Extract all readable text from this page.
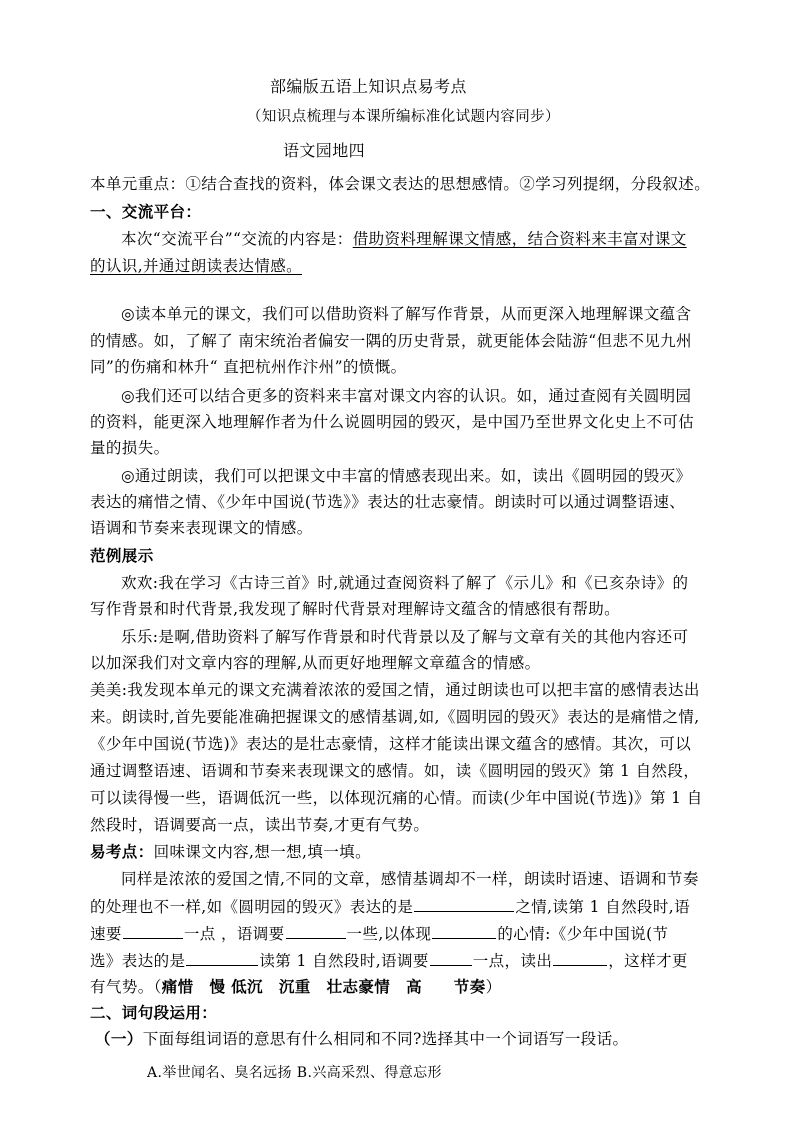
部编版五语上知识点易考点
（知识点梳理与本课所编标准化试题内容同步）
语文园地四
本单元重点：①结合查找的资料，体会课文表达的思想感情。②学习列提纲，分段叙述。
一、交流平台：
本次“交流平台”“交流的内容是：借助资料理解课文情感，结合资料来丰富对课文
的认识,并通过朗读表达情感。
◎读本单元的课文，我们可以借助资料了解写作背景，从而更深入地理解课文蕴含
的情感。如，了解了 南宋统治者偏安一隅的历史背景，就更能体会陆游“但悲不见九州
同”的伤痛和林升“ 直把杭州作汴州”的愤慨。
◎我们还可以结合更多的资料来丰富对课文内容的认识。如，通过查阅有关圆明园
的资料，能更深入地理解作者为什么说圆明园的毁灭，是中国乃至世界文化史上不可估
量的损失。
◎通过朗读，我们可以把课文中丰富的情感表现出来。如，读出《圆明园的毁灭》
表达的痛惜之情、《少年中国说(节选》》表达的壮志豪情。朗读时可以通过调整语速、
语调和节奏来表现课文的情感。
范例展示
欢欢:我在学习《古诗三首》时,就通过查阅资料了解了《示儿》和《已亥杂诗》的
写作背景和时代背景,我发现了解时代背景对理解诗文蕴含的情感很有帮助。
乐乐:是啊,借助资料了解写作背景和时代背景以及了解与文章有关的其他内容还可
以加深我们对文章内容的理解,从而更好地理解文章蕴含的情感。
美美:我发现本单元的课文充满着浓浓的爱国之情，通过朗读也可以把丰富的感情表达出
来。朗读时,首先要能准确把握课文的感情基调,如,《圆明园的毁灭》表达的是痛惜之情,
《少年中国说(节选)》表达的是壮志豪情，这样才能读出课文蕴含的感情。其次，可以
通过调整语速、语调和节奏来表现课文的感情。如，读《圆明园的毁灭》第 1 自然段，
可以读得慢一些，语调低沉一些，以体现沉痛的心情。而读(少年中国说(节选)》第 1 自
然段时，语调要高一点，读出节奏,才更有气势。
易考点：回味课文内容,想一想,填一填。
同样是浓浓的爱国之情,不同的文章，感情基调却不一样，朗读时语速、语调和节奏
的处理也不一样,如《圆明园的毁灭》表达的是	之情,读第 1 自然段时,语
速要	一点 ，语调要	一些,以体现	的心情:《少年中国说(节
选》表达的是	读第 1 自然段时,语调要	一点，读出	，这样才更
有气势。（痛惜　慢 低沉　沉重　壮志豪情　高　　节奏）
二、词句段运用：
（一）下面每组词语的意思有什么相同和不同?选择其中一个词语写一段话。
A.举世闻名、臭名远扬 B.兴高采烈、得意忘形
